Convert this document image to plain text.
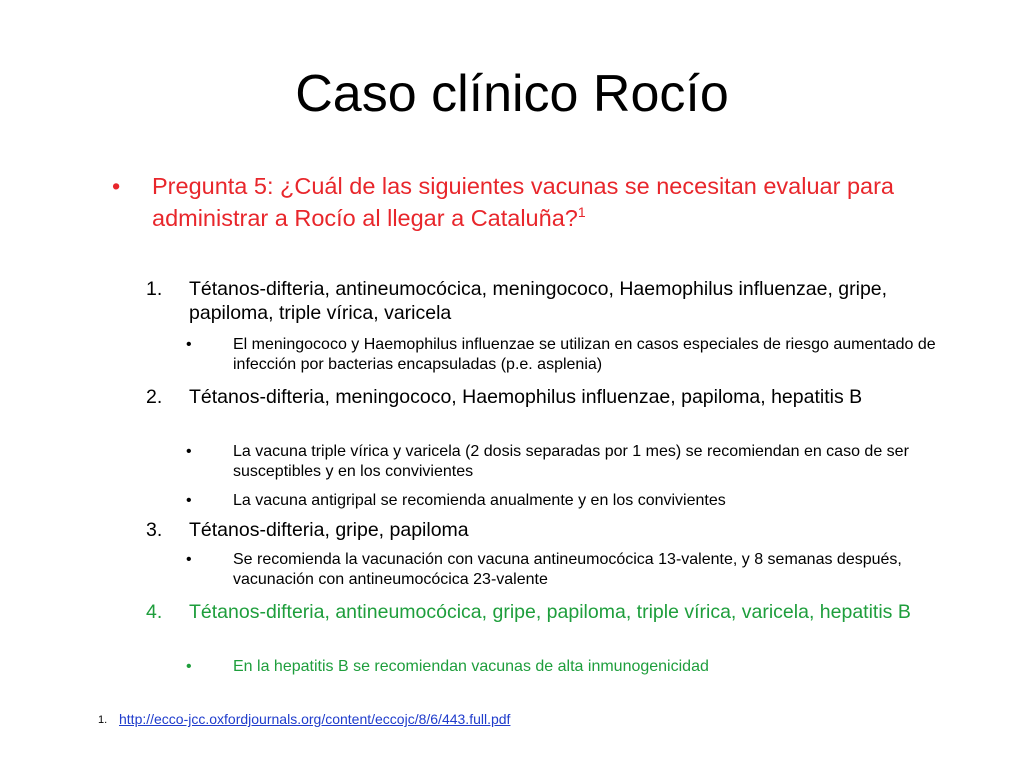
Caso clínico Rocío
• Pregunta 5: ¿Cuál de las siguientes vacunas se necesitan evaluar para administrar a Rocío al llegar a Cataluña?$^1$
1. Tétanos-difteria, antineumocócica, meningococo, Haemophilus influenzae, gripe, papiloma, triple vírica, varicela
•	El meningococo y Haemophilus influenzae se utilizan en casos especiales de riesgo aumentado de infección por bacterias encapsuladas (p.e. asplenia)
2. Tétanos-difteria, meningococo, Haemophilus influenzae, papiloma, hepatitis B
•	La vacuna triple vírica y varicela (2 dosis separadas por 1 mes) se recomiendan en caso de ser susceptibles y en los convivientes
•	La vacuna antigripal se recomienda anualmente y en los convivientes
3. Tétanos-difteria, gripe, papiloma
•	Se recomienda la vacunación con vacuna antineumocócica 13-valente, y 8 semanas después, vacunación con antineumocócica 23-valente
4. Tétanos-difteria, antineumocócica, gripe, papiloma, triple vírica, varicela, hepatitis B
•	En la hepatitis B se recomiendan vacunas de alta inmunogenicidad
1. http://ecco-jcc.oxfordjournals.org/content/eccojc/8/6/443.full.pdf
